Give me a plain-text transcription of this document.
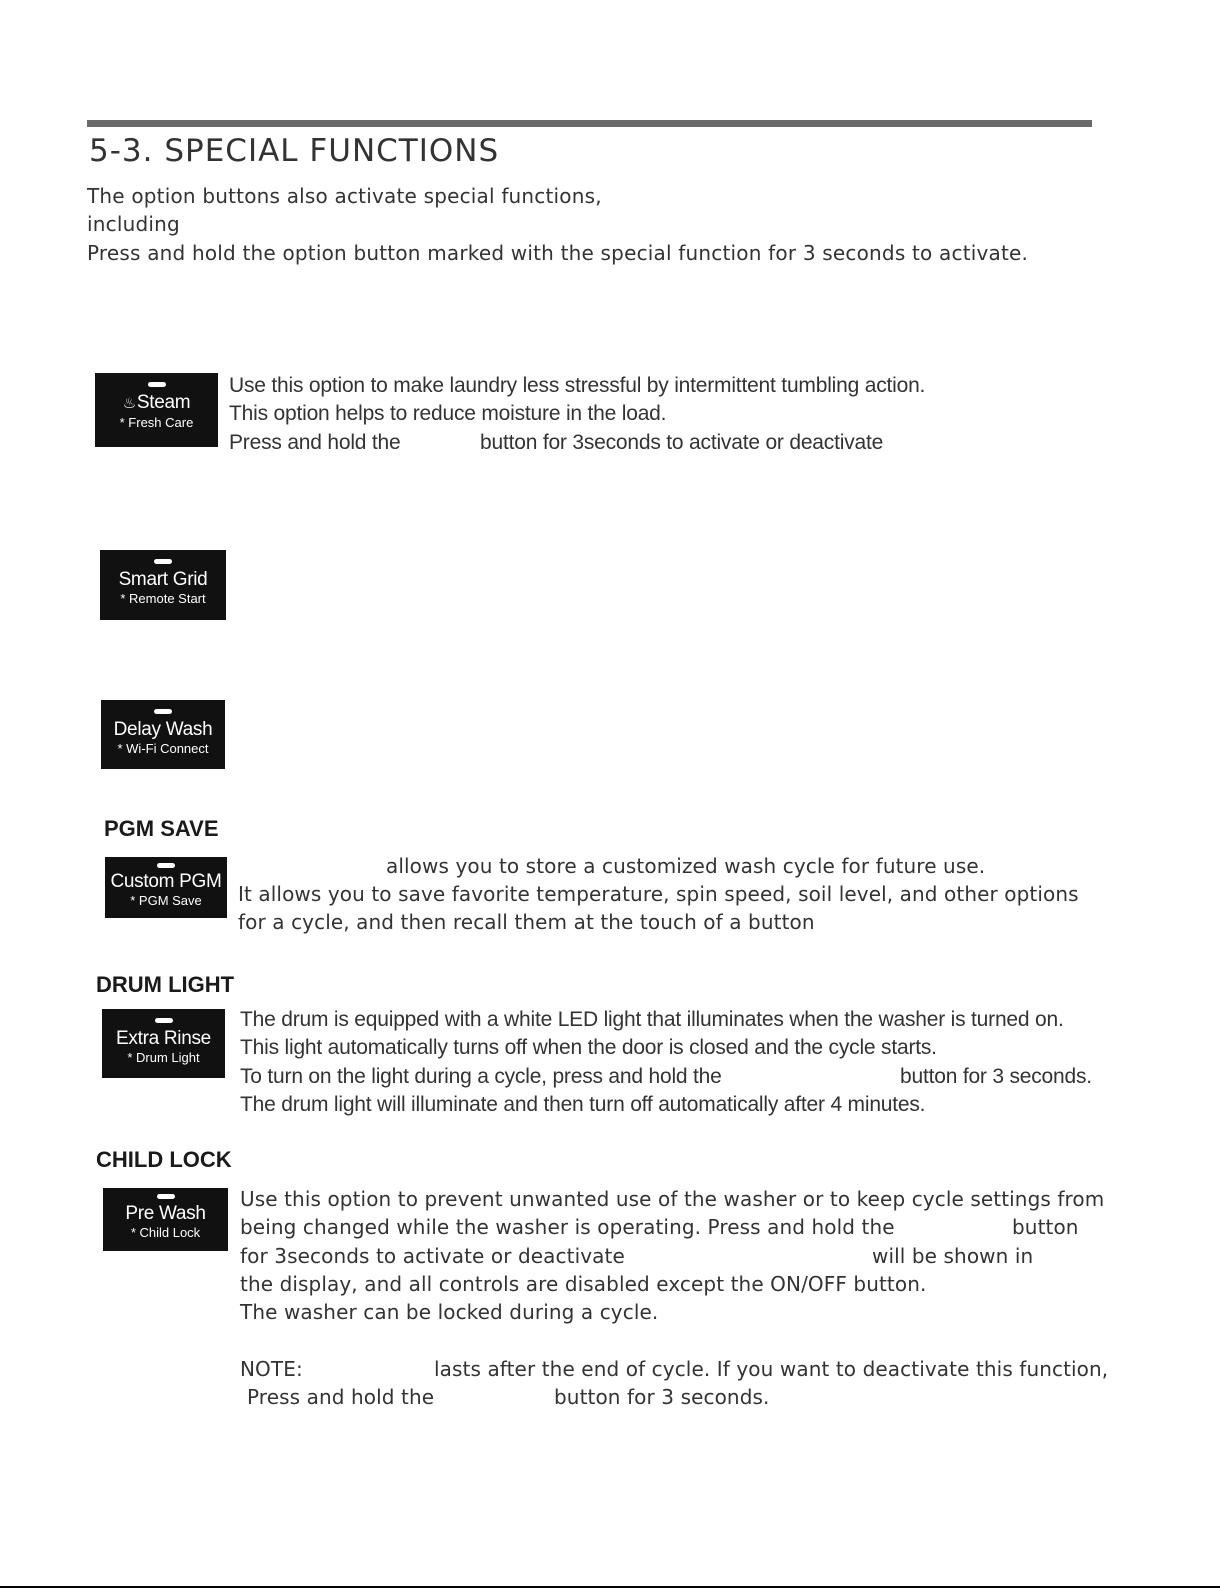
5-3. SPECIAL FUNCTIONS
The option buttons also activate special functions,
including
Press and hold the option button marked with the special function for 3 seconds to activate.
♨Steam
* Fresh Care
Use this option to make laundry less stressful by intermittent tumbling action.
This option helps to reduce moisture in the load.
Press and hold the	button for 3seconds to activate or deactivate
Smart Grid
* Remote Start
Delay Wash
* Wi-Fi Connect
PGM SAVE
Custom PGM
* PGM Save
allows you to store a customized wash cycle for future use.
It allows you to save favorite temperature, spin speed, soil level, and other options
for a cycle, and then recall them at the touch of a button
DRUM LIGHT
Extra Rinse
* Drum Light
The drum is equipped with a white LED light that illuminates when the washer is turned on.
This light automatically turns off when the door is closed and the cycle starts.
To turn on the light during a cycle, press and hold the	button for 3 seconds.
The drum light will illuminate and then turn off automatically after 4 minutes.
CHILD LOCK
Pre Wash
* Child Lock
Use this option to prevent unwanted use of the washer or to keep cycle settings from
being changed while the washer is operating. Press and hold the	button
for 3seconds to activate or deactivate	will be shown in
the display, and all controls are disabled except the ON/OFF button.
The washer can be locked during a cycle.
NOTE:	lasts after the end of cycle. If you want to deactivate this function,
Press and hold the	button for 3 seconds.
